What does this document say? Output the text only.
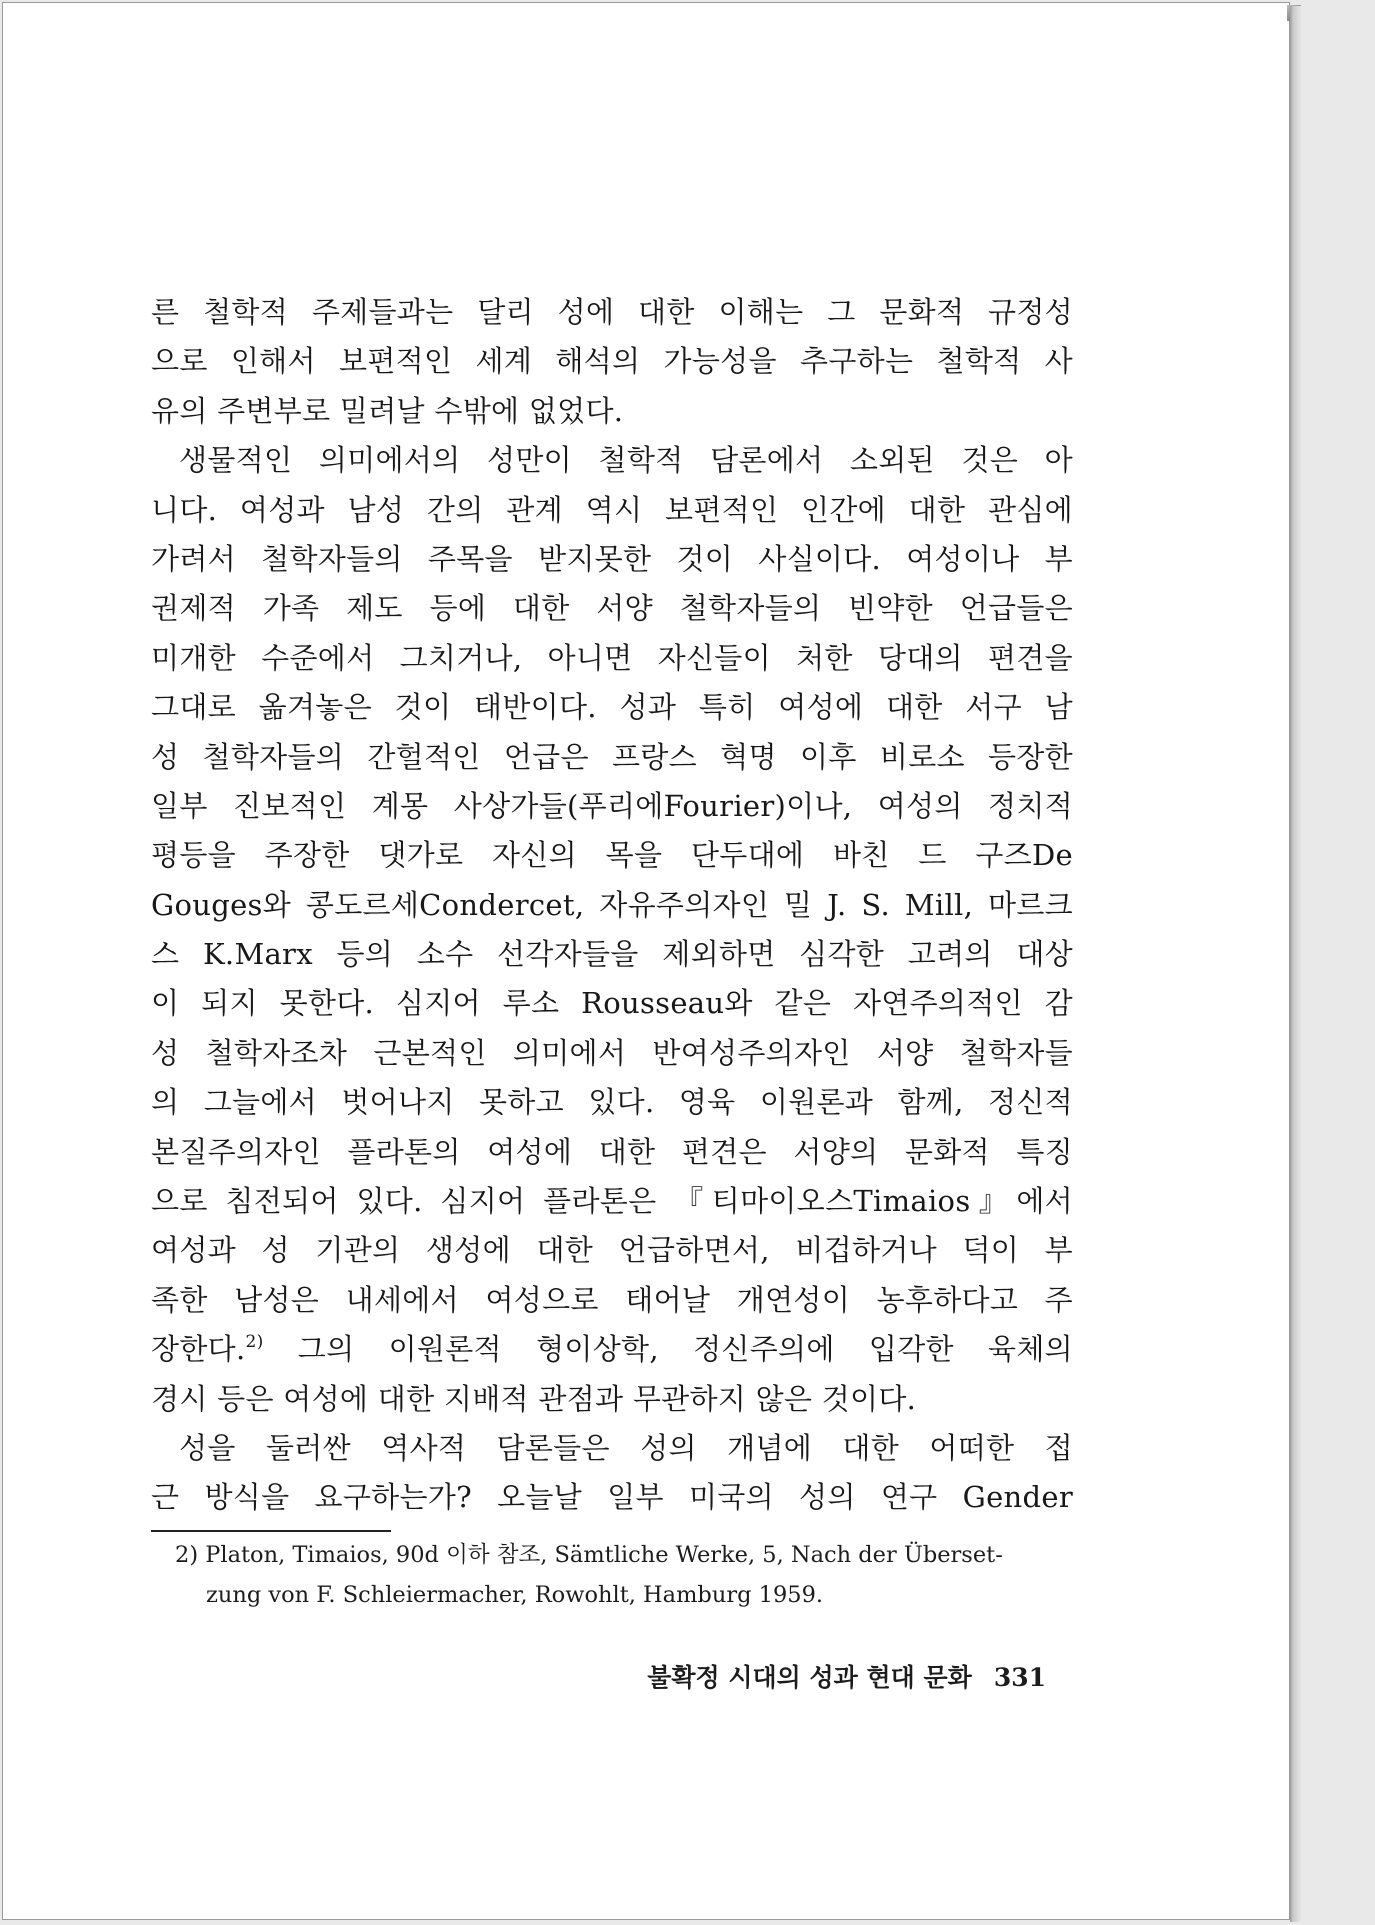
른 철학적 주제들과는 달리 성에 대한 이해는 그 문화적 규정성
으로 인해서 보편적인 세계 해석의 가능성을 추구하는 철학적 사
유의 주변부로 밀려날 수밖에 없었다.
생물적인 의미에서의 성만이 철학적 담론에서 소외된 것은 아
니다. 여성과 남성 간의 관계 역시 보편적인 인간에 대한 관심에
가려서 철학자들의 주목을 받지못한 것이 사실이다. 여성이나 부
권제적 가족 제도 등에 대한 서양 철학자들의 빈약한 언급들은
미개한 수준에서 그치거나, 아니면 자신들이 처한 당대의 편견을
그대로 옮겨놓은 것이 태반이다. 성과 특히 여성에 대한 서구 남
성 철학자들의 간헐적인 언급은 프랑스 혁명 이후 비로소 등장한
일부 진보적인 계몽 사상가들(푸리에Fourier)이나, 여성의 정치적
평등을 주장한 댓가로 자신의 목을 단두대에 바친 드 구즈De
Gouges와 콩도르세Condercet, 자유주의자인 밀 J. S. Mill, 마르크
스 K.Marx 등의 소수 선각자들을 제외하면 심각한 고려의 대상
이 되지 못한다. 심지어 루소 Rousseau와 같은 자연주의적인 감
성 철학자조차 근본적인 의미에서 반여성주의자인 서양 철학자들
의 그늘에서 벗어나지 못하고 있다. 영육 이원론과 함께, 정신적
본질주의자인 플라톤의 여성에 대한 편견은 서양의 문화적 특징
으로 침전되어 있다. 심지어 플라톤은 『티마이오스Timaios』에서
여성과 성 기관의 생성에 대한 언급하면서, 비겁하거나 덕이 부
족한 남성은 내세에서 여성으로 태어날 개연성이 농후하다고 주
장한다.$^{2)}$ 그의 이원론적 형이상학, 정신주의에 입각한 육체의
경시 등은 여성에 대한 지배적 관점과 무관하지 않은 것이다.
성을 둘러싼 역사적 담론들은 성의 개념에 대한 어떠한 접
근 방식을 요구하는가? 오늘날 일부 미국의 성의 연구 Gender
2) Platon, Timaios, 90d 이하 참조, Sämtliche Werke, 5, Nach der Überset-
zung von F. Schleiermacher, Rowohlt, Hamburg 1959.
불확정 시대의 성과 현대 문화 331
